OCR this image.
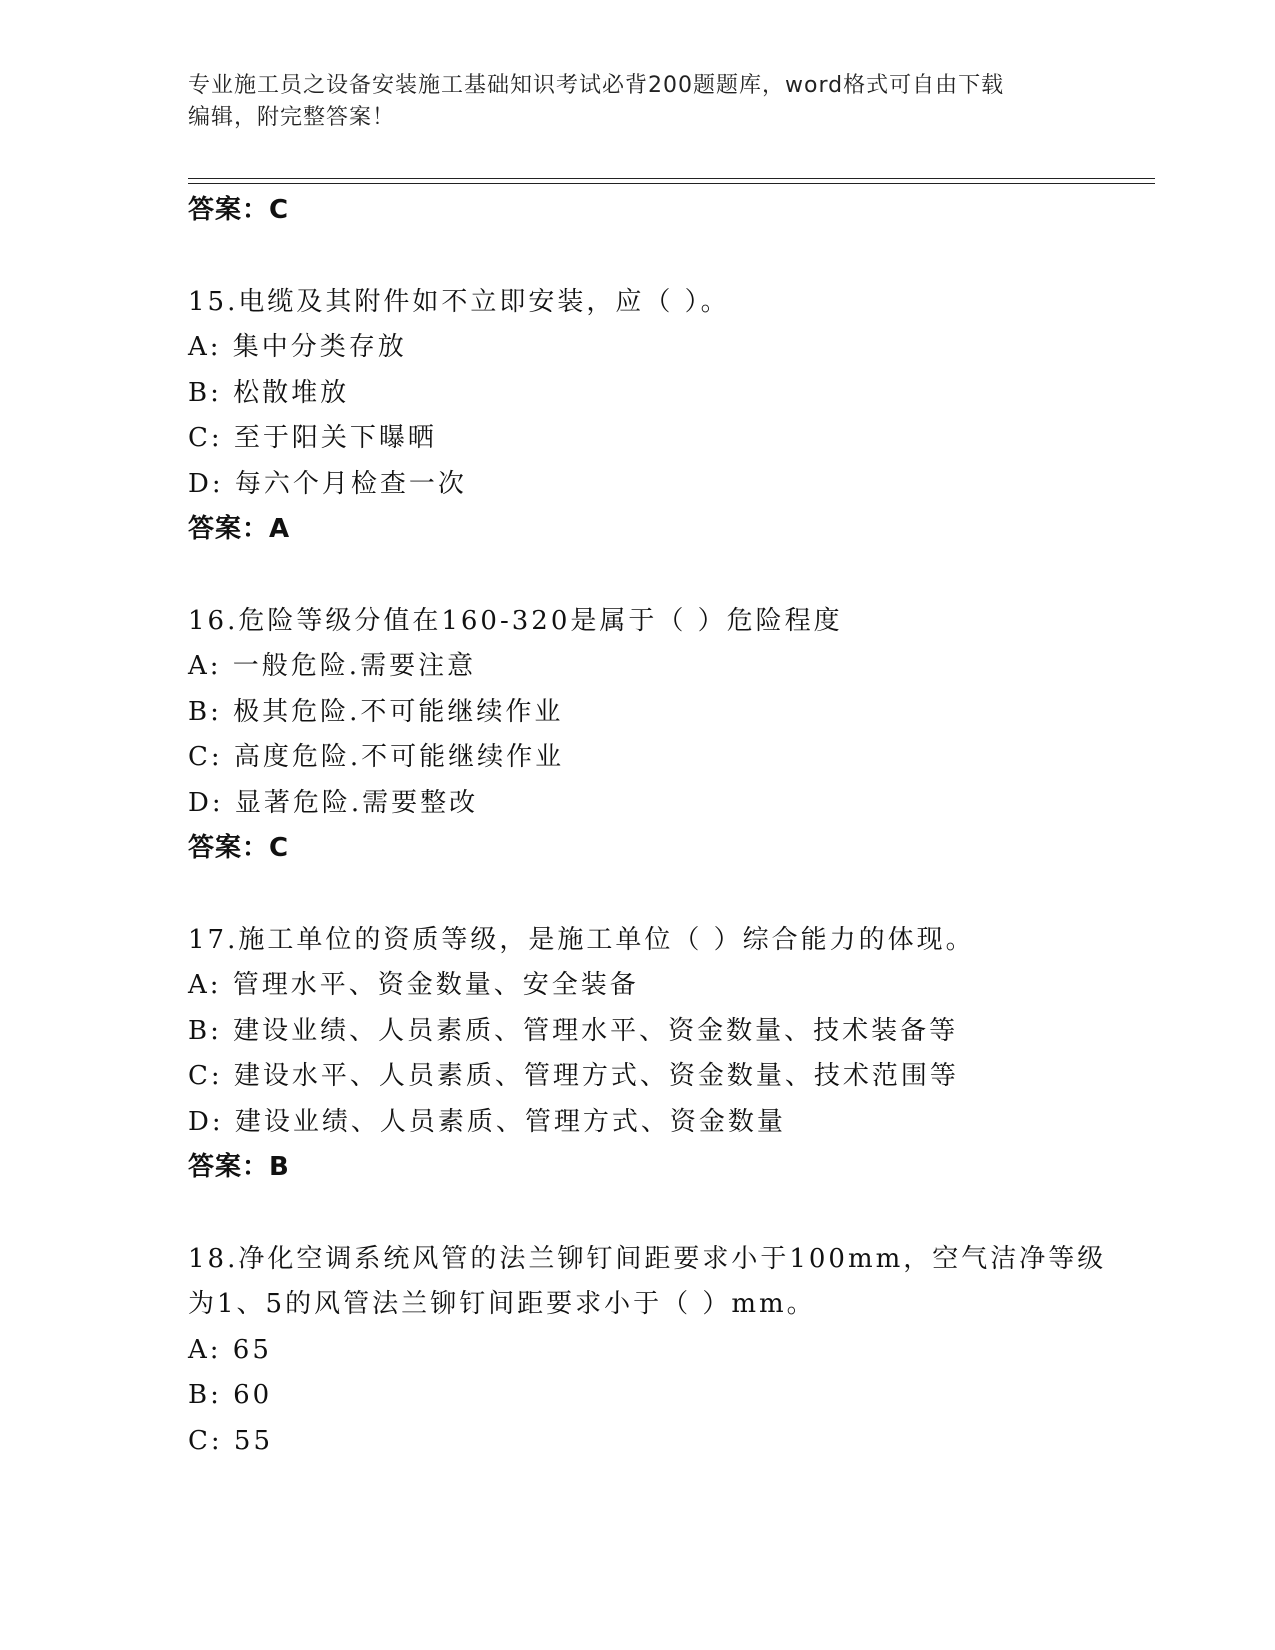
专业施工员之设备安装施工基础知识考试必背200题题库，word格式可自由下载
编辑，附完整答案！
答案：C
15.电缆及其附件如不立即安装，应（ ）。
A: 集中分类存放
B: 松散堆放
C: 至于阳关下曝晒
D: 每六个月检查一次
答案：A
16.危险等级分值在160-320是属于（ ）危险程度
A: 一般危险.需要注意
B: 极其危险.不可能继续作业
C: 高度危险.不可能继续作业
D: 显著危险.需要整改
答案：C
17.施工单位的资质等级，是施工单位（ ）综合能力的体现。
A: 管理水平、资金数量、安全装备
B: 建设业绩、人员素质、管理水平、资金数量、技术装备等
C: 建设水平、人员素质、管理方式、资金数量、技术范围等
D: 建设业绩、人员素质、管理方式、资金数量
答案：B
18.净化空调系统风管的法兰铆钉间距要求小于100mm，空气洁净等级
为1、5的风管法兰铆钉间距要求小于（ ）mm。
A: 65
B: 60
C: 55
